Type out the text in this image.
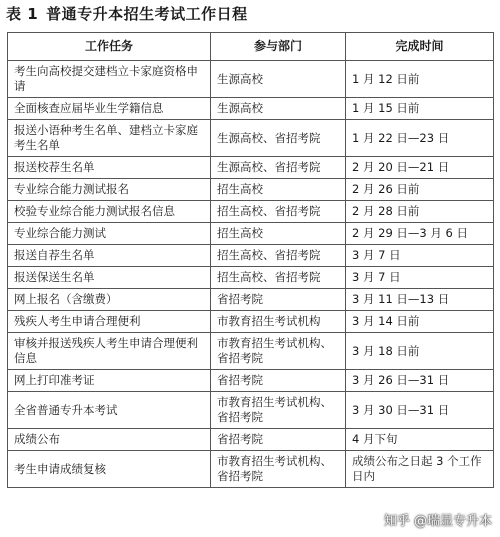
表 1 普通专升本招生考试工作日程
工作任务	参与部门	完成时间
考生向高校提交建档立卡家庭资格申请	生源高校	1 月 12 日前
全面核查应届毕业生学籍信息	生源高校	1 月 15 日前
报送小语种考生名单、建档立卡家庭考生名单	生源高校、省招考院	1 月 22 日—23 日
报送校荐生名单	生源高校、省招考院	2 月 20 日—21 日
专业综合能力测试报名	招生高校	2 月 26 日前
校验专业综合能力测试报名信息	招生高校、省招考院	2 月 28 日前
专业综合能力测试	招生高校	2 月 29 日—3 月 6 日
报送自荐生名单	招生高校、省招考院	3 月 7 日
报送保送生名单	招生高校、省招考院	3 月 7 日
网上报名（含缴费）	省招考院	3 月 11 日—13 日
残疾人考生申请合理便利	市教育招生考试机构	3 月 14 日前
审核并报送残疾人考生申请合理便利信息	市教育招生考试机构、省招考院	3 月 18 日前
网上打印准考证	省招考院	3 月 26 日—31 日
全省普通专升本考试	市教育招生考试机构、省招考院	3 月 30 日—31 日
成绩公布	省招考院	4 月下旬
考生申请成绩复核	市教育招生考试机构、省招考院	成绩公布之日起 3 个工作日内
知乎 @瑞显专升本
